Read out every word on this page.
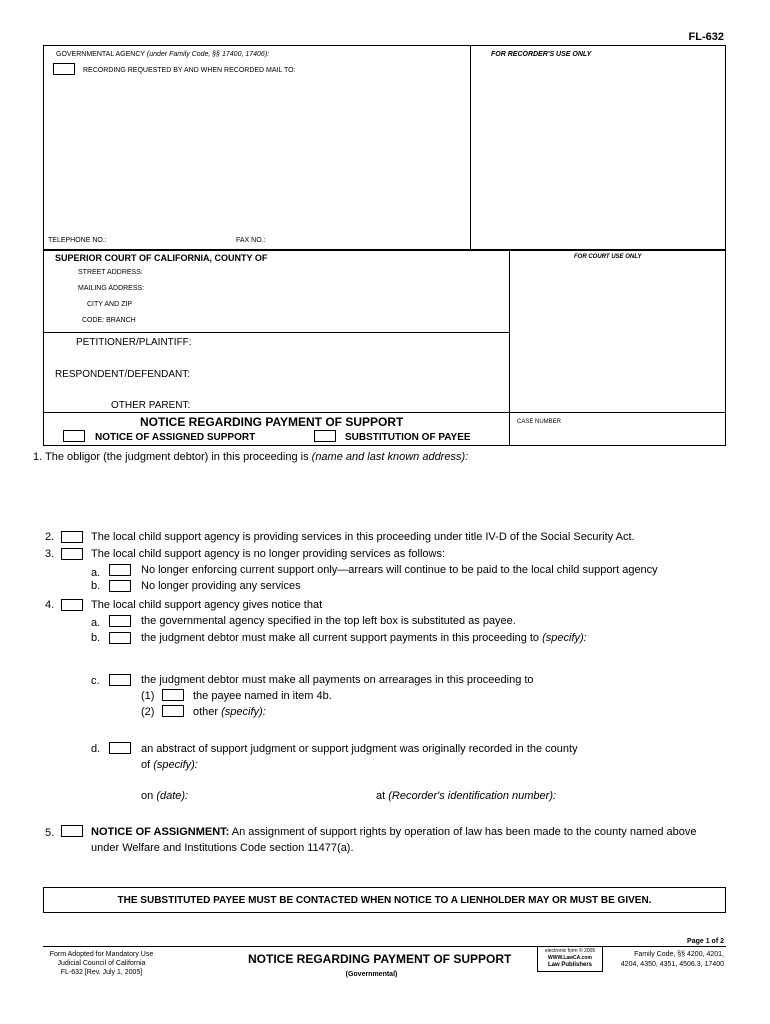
FL-632
GOVERNMENTAL AGENCY (under Family Code, §§ 17400, 17406):	FOR RECORDER'S USE ONLY
RECORDING REQUESTED BY AND WHEN RECORDED MAIL TO:
TELEPHONE NO.:	FAX NO.:
SUPERIOR COURT OF CALIFORNIA, COUNTY OF	FOR COURT USE ONLY
STREET ADDRESS:
MAILING ADDRESS:
CITY AND ZIP
CODE: BRANCH
PETITIONER/PLAINTIFF:
RESPONDENT/DEFENDANT:
OTHER PARENT:
NOTICE REGARDING PAYMENT OF SUPPORT	CASE NUMBER
NOTICE OF ASSIGNED SUPPORT	SUBSTITUTION OF PAYEE
1. The obligor (the judgment debtor) in this proceeding is (name and last known address):
2.	The local child support agency is providing services in this proceeding under title IV-D of the Social Security Act.
3.	The local child support agency is no longer providing services as follows:
a.	No longer enforcing current support only—arrears will continue to be paid to the local child support agency
b.	No longer providing any services
4.	The local child support agency gives notice that
a.	the governmental agency specified in the top left box is substituted as payee.
b.	the judgment debtor must make all current support payments in this proceeding to (specify):
c.	the judgment debtor must make all payments on arrearages in this proceeding to
(1)	the payee named in item 4b.
(2)	other (specify):
d.	an abstract of support judgment or support judgment was originally recorded in the county
of (specify):
on (date):	at (Recorder's identification number):
5.	NOTICE OF ASSIGNMENT: An assignment of support rights by operation of law has been made to the county named above
under Welfare and Institutions Code section 11477(a).
THE SUBSTITUTED PAYEE MUST BE CONTACTED WHEN NOTICE TO A LIENHOLDER MAY OR MUST BE GIVEN.
Page 1 of 2
Form Adopted for Mandatory Use
Judicial Council of California
FL-632 [Rev. July 1, 2005]
NOTICE REGARDING PAYMENT OF SUPPORT
(Governmental)
electronic form © 2005
WWW.LawCA.com
Law Publishers
Family Code, §§ 4200, 4201,
4204, 4350, 4351, 4506.3, 17400
